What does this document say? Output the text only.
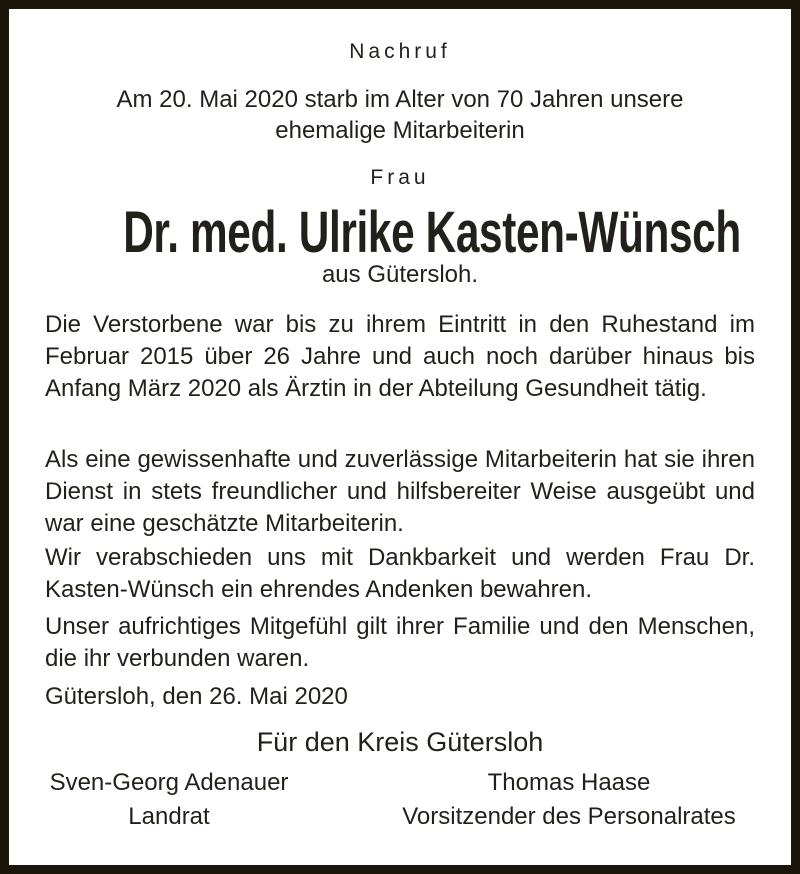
Nachruf
Am 20. Mai 2020 starb im Alter von 70 Jahren unsere
ehemalige Mitarbeiterin
Frau
Dr. med. Ulrike Kasten-Wünsch
aus Gütersloh.
Die Verstorbene war bis zu ihrem Eintritt in den Ruhestand im Februar 2015 über 26 Jahre und auch noch darüber hinaus bis Anfang März 2020 als Ärztin in der Abteilung Gesundheit tätig.
Als eine gewissenhafte und zuverlässige Mitarbeiterin hat sie ihren Dienst in stets freundlicher und hilfsbereiter Weise ausgeübt und war eine geschätzte Mitarbeiterin.
Wir verabschieden uns mit Dankbarkeit und werden Frau Dr. Kasten-Wünsch ein ehrendes Andenken bewahren.
Unser aufrichtiges Mitgefühl gilt ihrer Familie und den Menschen, die ihr verbunden waren.
Gütersloh, den 26. Mai 2020
Für den Kreis Gütersloh
Sven-Georg Adenauer
Landrat
Thomas Haase
Vorsitzender des Personalrates
